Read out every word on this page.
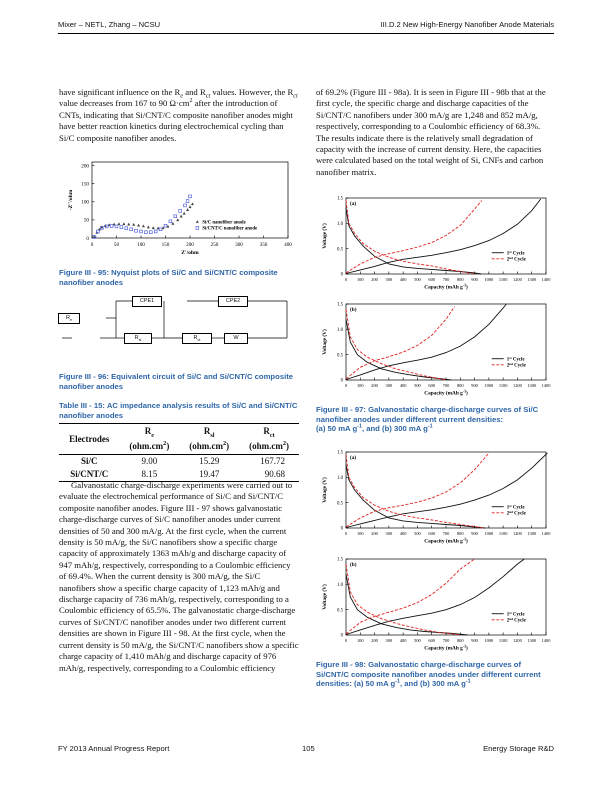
Mixer – NETL, Zhang – NCSU	III.D.2 New High-Energy Nanofiber Anode Materials

have significant influence on the $R_e$ and $R_{ct}$ values. However, the $R_{ct}$ value decreases from 167 to 90 $\Omega\cdot cm^2$ after the introduction of CNTs, indicating that Si/CNT/C composite nanofiber anodes might have better reaction kinetics during electrochemical cycling than Si/C composite nanofiber anodes.

0	50	100	150	200	250	300	350	400
0
50
100
150
200
Z'/ohm
-Z''/ohm
Si/C nanofiber anode
Si/CNT/C nanofiber anode
Figure III - 95: Nyquist plots of Si/C and Si/CNT/C composite nanofiber anodes
CPE1	CPE2
$R_e$
$R_{sl}$	$R_{ct}$	W
Figure III - 96: Equivalent circuit of Si/C and Si/CNT/C composite nanofiber anodes
Table III - 15: AC impedance analysis results of Si/C and Si/CNT/C nanofiber anodes
Electrodes	$R_e$	$R_{sl}$	$R_{ct}$
	$(ohm.cm^2)$	$(ohm.cm^2)$	$(ohm.cm^2)$
Si/C	9.00	15.29	167.72
Si/CNT/C	8.15	19.47	90.68

Galvanostatic charge-discharge experiments were carried out to evaluate the electrochemical performance of Si/C and Si/CNT/C composite nanofiber anodes. Figure III - 97 shows galvanostatic charge-discharge curves of Si/C nanofiber anodes under current densities of 50 and 300 mA/g. At the first cycle, when the current density is 50 mA/g, the Si/C nanofibers show a specific charge capacity of approximately 1363 mAh/g and discharge capacity of 947 mAh/g, respectively, corresponding to a Coulombic efficiency of 69.4%. When the current density is 300 mA/g, the Si/C nanofibers show a specific charge capacity of 1,123 mAh/g and discharge capacity of 736 mAh/g, respectively, corresponding to a Coulombic efficiency of 65.5%. The galvanostatic charge-discharge curves of Si/CNT/C nanofiber anodes under two different current densities are shown in Figure III - 98. At the first cycle, when the current density is 50 mA/g, the Si/CNT/C nanofibers show a specific charge capacity of 1,410 mAh/g and discharge capacity of 976 mAh/g, respectively, corresponding to a Coulombic efficiency

of 69.2% (Figure III - 98a). It is seen in Figure III - 98b that at the first cycle, the specific charge and discharge capacities of the Si/CNT/C nanofibers under 300 mA/g are 1,248 and 852 mA/g, respectively, corresponding to a Coulombic efficiency of 68.3%. The results indicate there is the relatively small degradation of capacity with the increase of current density. Here, the capacities were calculated based on the total weight of Si, CNFs and carbon nanofiber matrix.

0 100 200 300 400 500 600 700 800 900 1000 1100 1200 1300 1400
0
0.5
1.0
1.5
Capacity (mAh $g^{-1}$)
Voltage (V)
(a)
1st Cycle
2nd Cycle
0 100 200 300 400 500 600 700 800 900 1000 1100 1200 1300 1400
0
0.5
1.0
1.5
Capacity (mAh $g^{-1}$)
Voltage (V)
(b)
1st Cycle
2nd Cycle
Figure III - 97: Galvanostatic charge-discharge curves of Si/C nanofiber anodes under different current densities:
(a) 50 mA $g^{-1}$, and (b) 300 mA $g^{-1}$
0 100 200 300 400 500 600 700 800 900 1000 1100 1200 1300 1400
0
0.5
1.0
1.5
Capacity (mAh $g^{-1}$)
Voltage (V)
(a)
1st Cycle
2nd Cycle
0 100 200 300 400 500 600 700 800 900 1000 1100 1200 1300 1400
0
0.5
1.0
1.5
Capacity (mAh $g^{-1}$)
Voltage (V)
(b)
1st Cycle
2nd Cycle
Figure III - 98: Galvanostatic charge-discharge curves of Si/CNT/C composite nanofiber anodes under different current densities: (a) 50 mA $g^{-1}$, and (b) 300 mA $g^{-1}$
FY 2013 Annual Progress Report	105	Energy Storage R&D
